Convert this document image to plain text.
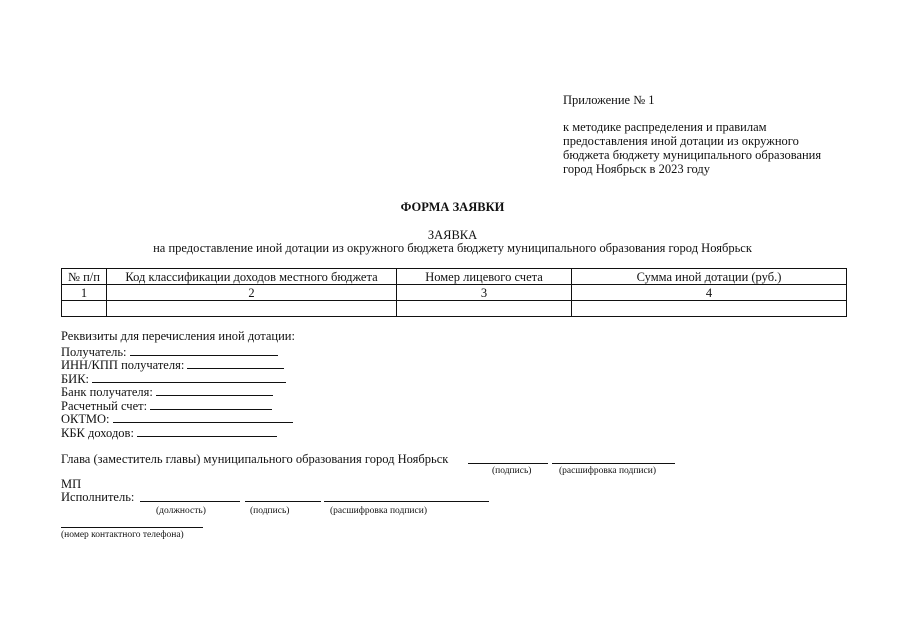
Приложение № 1
к методике распределения и правилам
предоставления иной дотации из окружного
бюджета бюджету муниципального образования
город Ноябрьск в 2023 году
ФОРМА ЗАЯВКИ
ЗАЯВКА
на предоставление иной дотации из окружного бюджета бюджету муниципального образования город Ноябрьск
№ п/п	Код классификации доходов местного бюджета	Номер лицевого счета	Сумма иной дотации (руб.)
1	2	3	4

Реквизиты для перечисления иной дотации:
Получатель:
ИНН/КПП получателя:
БИК:
Банк получателя:
Расчетный счет:
ОКТМО:
КБК доходов:
Глава (заместитель главы) муниципального образования город Ноябрьск
(подпись)	(расшифровка подписи)
МП
Исполнитель:
(должность)	(подпись)	(расшифровка подписи)
(номер контактного телефона)
